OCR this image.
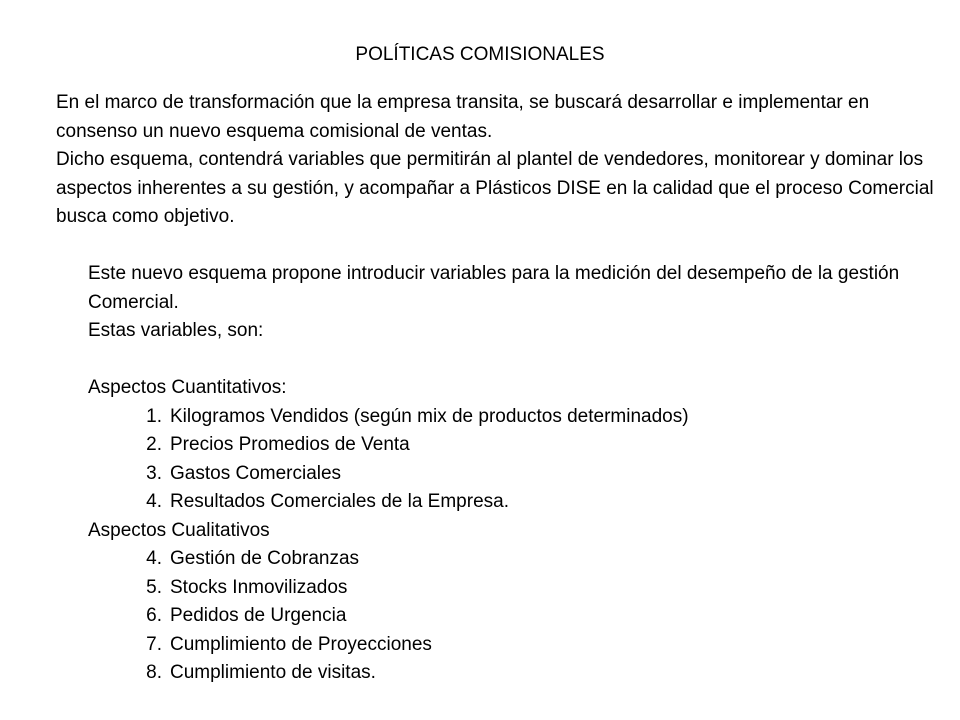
POLÍTICAS COMISIONALES

En el marco de transformación que la empresa transita, se buscará desarrollar e implementar en consenso un nuevo esquema comisional de ventas.

Dicho esquema, contendrá variables que permitirán al plantel de vendedores, monitorear y dominar los aspectos inherentes a su gestión, y acompañar a Plásticos DISE en la calidad que el proceso Comercial busca como objetivo.

Este nuevo esquema propone introducir variables para la medición del desempeño de la gestión Comercial.

Estas variables, son:

Aspectos Cuantitativos:

1. Kilogramos Vendidos (según mix de productos determinados)
2. Precios Promedios de Venta
3. Gastos Comerciales
4. Resultados Comerciales de la Empresa.

Aspectos Cualitativos

4. Gestión de Cobranzas
5. Stocks Inmovilizados
6. Pedidos de Urgencia
7. Cumplimiento de Proyecciones
8. Cumplimiento de visitas.
